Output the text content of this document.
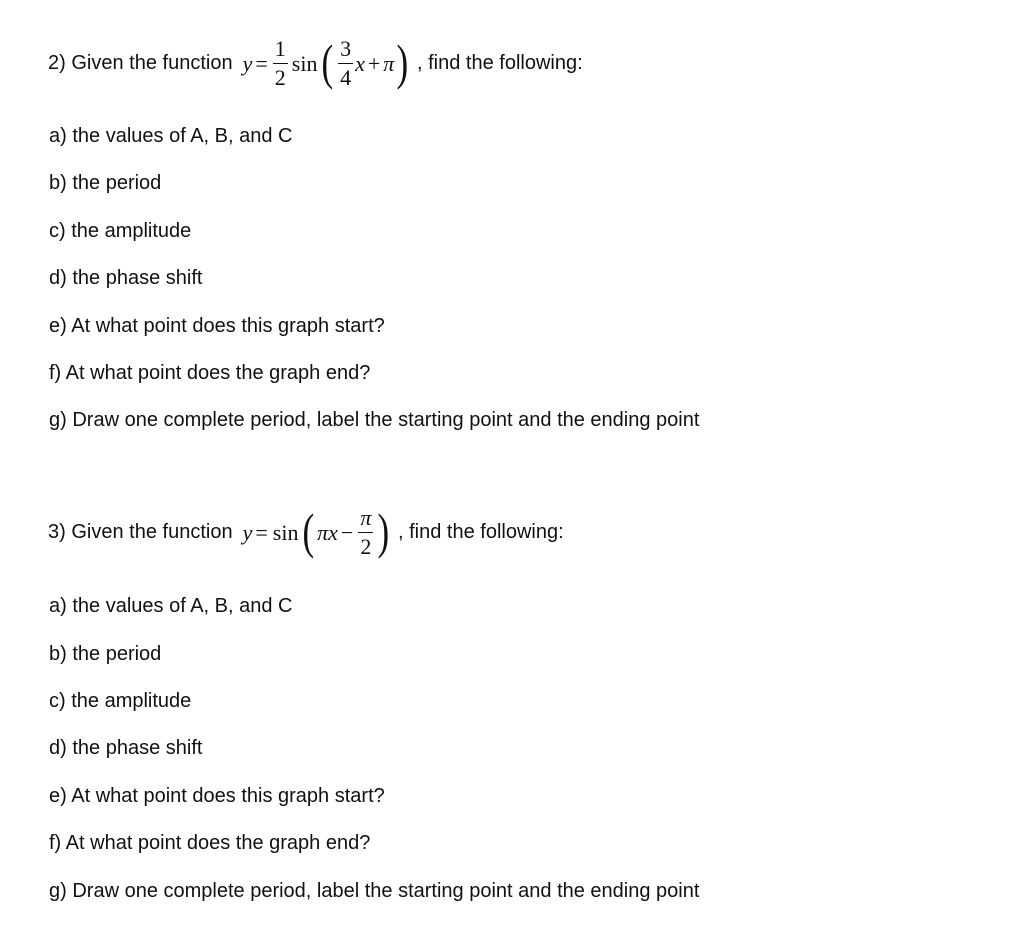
2)
Given the function $y = \frac{1}{2}$ sin ( $\frac{3}{4}$ x + π ) , find the following:
a) the values of A, B, and C
b) the period
c) the amplitude
d) the phase shift
e) At what point does this graph start?
f) At what point does the graph end?
g) Draw one complete period, label the starting point and the ending point
3)
Given the function y = sin ( $\pi x - \frac{\pi}{2}$ ) , find the following:
a) the values of A, B, and C
b) the period
c) the amplitude
d) the phase shift
e) At what point does this graph start?
f) At what point does the graph end?
g) Draw one complete period, label the starting point and the ending point
